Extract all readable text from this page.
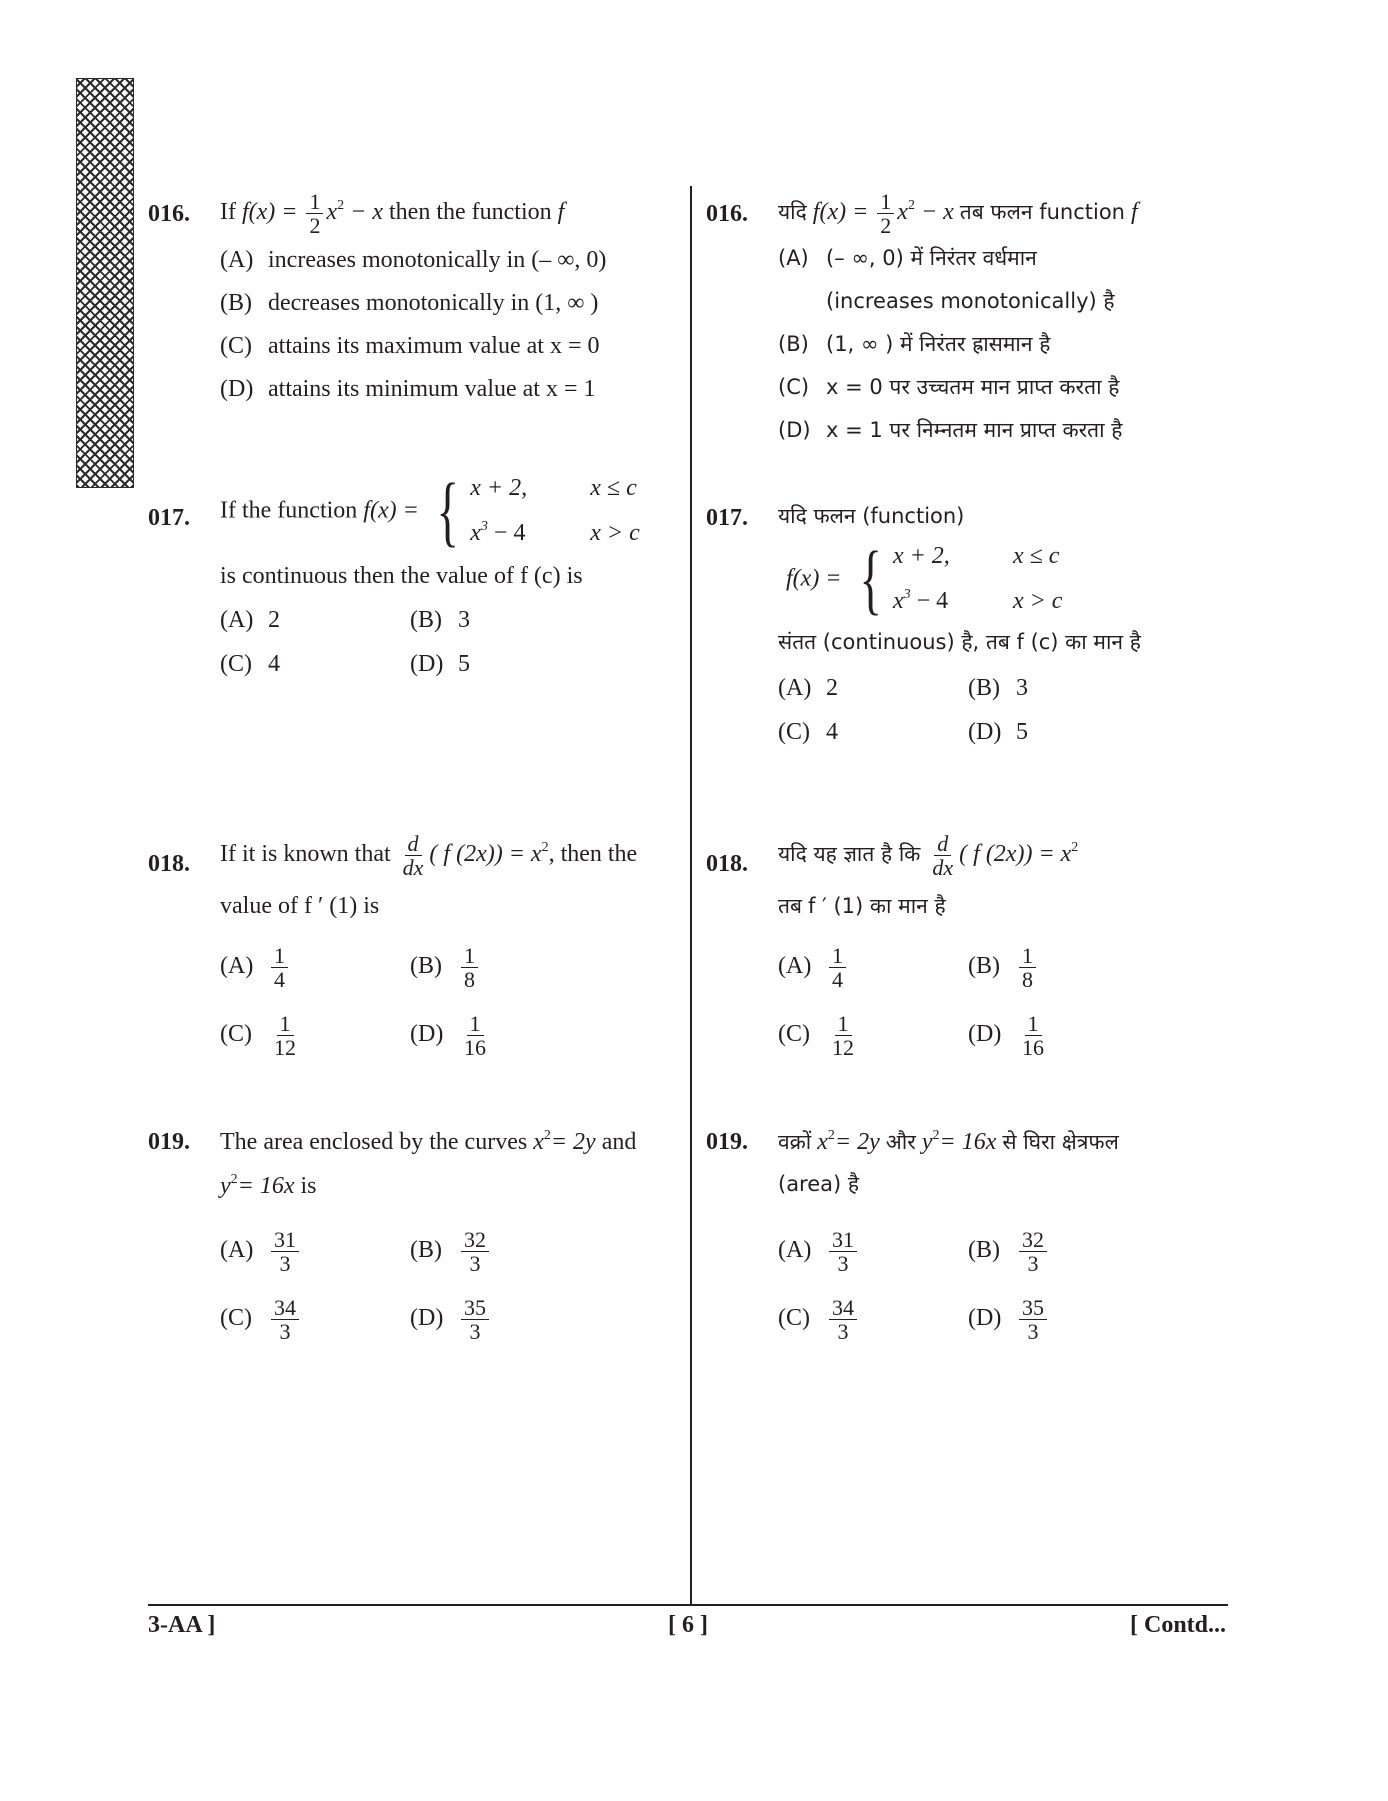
016. If $f(x) = \frac{1}{2} x^2 - x$ then the function f
(A) increases monotonically in (– ∞, 0)
(B) decreases monotonically in (1, ∞ )
(C) attains its maximum value at x = 0
(D) attains its minimum value at x = 1
017. If the function f(x) = { x + 2,	x ≤ c
$x^3 - 4$	x > c
is continuous then the value of f (c) is
(A) 2	(B) 3
(C) 4	(D) 5
018. If it is known that $\frac{d}{dx}$ ( f $(2x)) = x^2$, then the
value of f ′ (1) is
$(A) \frac{1}{4}$	$(B) \frac{1}{8}$
$(C) \frac{1}{12}$	$(D) \frac{1}{16}$
019. The area enclosed by the curves $x^2= 2y$ and
$y^2= 16x$ is
$(A) \frac{31}{3}$	$(B) \frac{32}{3}$
$(C) \frac{34}{3}$	$(D) \frac{35}{3}$
016. यदि $f(x) = \frac{1}{2} x^2 - x$ तब फलन function f
(A) (– ∞, 0) में निरंतर वर्धमान
(increases monotonically) है
(B) (1, ∞ ) में निरंतर ह्रासमान है
(C) x = 0 पर उच्चतम मान प्राप्त करता है
(D) x = 1 पर निम्नतम मान प्राप्त करता है
017. यदि फलन (function)
f(x) = { x + 2,	x ≤ c
$x^3 - 4$	x > c
संतत (continuous) है, तब f (c) का मान है
(A) 2	(B) 3
(C) 4	(D) 5
018. यदि यह ज्ञात है कि $\frac{d}{dx}$ ( f $(2x)) = x^2$
तब f ′ (1) का मान है
$(A) \frac{1}{4}$	$(B) \frac{1}{8}$
$(C) \frac{1}{12}$	$(D) \frac{1}{16}$
019. वक्रों $x^2= 2y$ और $y^2= 16x$ से घिरा क्षेत्रफल
(area) है
$(A) \frac{31}{3}$	$(B) \frac{32}{3}$
$(C) \frac{34}{3}$	$(D) \frac{35}{3}$
3-AA ]	[ 6 ]	[ Contd...
